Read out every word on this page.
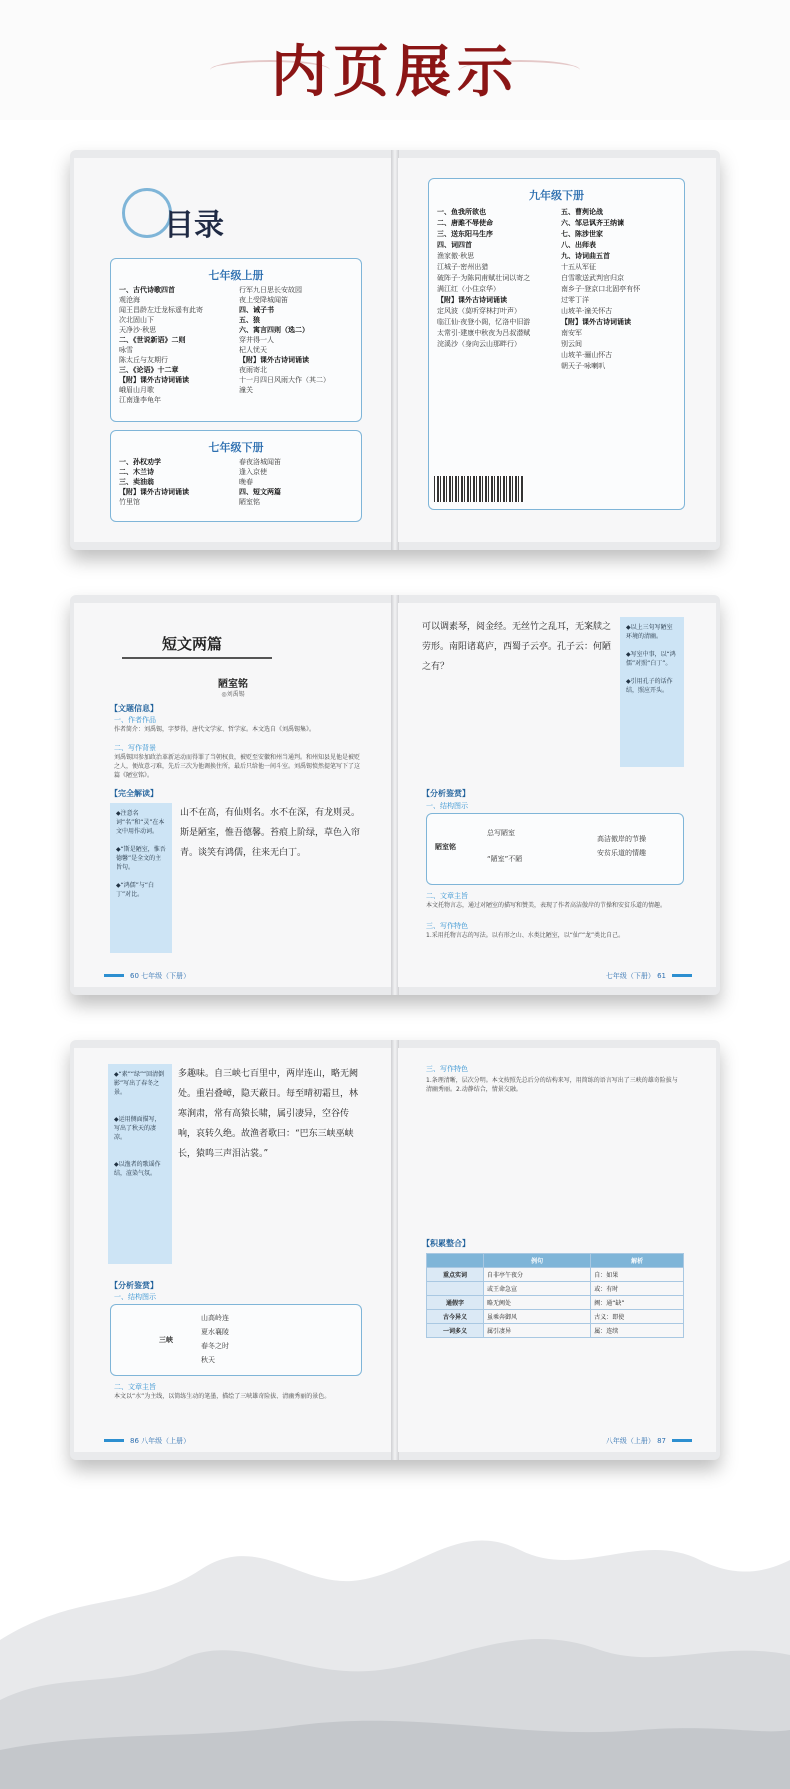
内页展示
目录
七年级上册
一、古代诗歌四首
观沧海
闻王昌龄左迁龙标遥有此寄
次北固山下
天净沙·秋思
二、《世说新语》二则
咏雪
陈太丘与友期行
三、《论语》十二章
【附】课外古诗词诵读
峨眉山月歌
江南逢李龟年
行军九日思长安故园
夜上受降城闻笛
四、诫子书
五、狼
六、寓言四则（选二）
穿井得一人
杞人忧天
【附】课外古诗词诵读
夜雨寄北
十一月四日风雨大作（其二）
潼关
七年级下册
一、孙权劝学
二、木兰诗
三、卖油翁
【附】课外古诗词诵读
竹里馆
春夜洛城闻笛
逢入京使
晚春
四、短文两篇
陋室铭
九年级下册
一、鱼我所欲也
二、唐雎不辱使命
三、送东阳马生序
四、词四首
渔家傲·秋思
江城子·密州出猎
破阵子·为陈同甫赋壮词以寄之
满江红（小住京华）
【附】课外古诗词诵读
定风波（莫听穿林打叶声）
临江仙·夜登小阁，忆洛中旧游
太常引·建康中秋夜为吕叔潜赋
浣溪沙（身向云山那畔行）
五、曹刿论战
六、邹忌讽齐王纳谏
七、陈涉世家
八、出师表
九、诗词曲五首
十五从军征
白雪歌送武判官归京
南乡子·登京口北固亭有怀
过零丁洋
山坡羊·潼关怀古
【附】课外古诗词诵读
南安军
别云间
山坡羊·骊山怀古
朝天子·咏喇叭
短文两篇
陋室铭
◎刘禹锡
【文题信息】
一、作者作品
作者简介：刘禹锡，字梦得，唐代文学家、哲学家。本文选自《刘禹锡集》。
二、写作背景
刘禹锡因参加政治革新运动而得罪了当朝权贵，被贬至安徽和州当通判。和州知县见他是被贬之人，便故意刁难，先后三次为他调换住所，最后只给他一间斗室。刘禹锡愤然提笔写下了这篇《陋室铭》。
【完全解读】
◆注意名词“名”和“灵”在本文中用作动词。

◆“斯是陋室，惟吾德馨”是全文的主旨句。

◆“鸿儒”与“白丁”对比。
山不在高，有仙则名。水不在深，有龙则灵。斯是陋室，惟吾德馨。苔痕上阶绿，草色入帘青。谈笑有鸿儒，往来无白丁。
60 七年级（下册）
可以调素琴，阅金经。无丝竹之乱耳，无案牍之劳形。南阳诸葛庐，西蜀子云亭。孔子云：何陋之有？
◆以上三句写陋室环境的清幽。

◆写室中事，以“鸿儒”对照“白丁”。

◆引用孔子的话作结，照应开头。
【分析鉴赏】
一、结构图示
陋室铭
总写陋室
“陋室”不陋
高洁傲岸的节操
安贫乐道的情趣
二、文章主旨
本文托物言志，通过对陋室的描写和赞美，表现了作者高洁傲岸的节操和安贫乐道的情趣。
三、写作特色
1.采用托物言志的写法。以有形之山、水类比陋室，以“仙”“龙”类比自己。
七年级（下册） 61
◆“素”“绿”“回清倒影”写出了春冬之景。

◆运用侧面描写，写出了秋天的凄凉。

◆以渔者的歌谣作结，渲染气氛。
多趣味。自三峡七百里中，两岸连山，略无阙处。重岩叠嶂，隐天蔽日。每至晴初霜旦，林寒涧肃，常有高猿长啸，属引凄异，空谷传响，哀转久绝。故渔者歌曰：“巴东三峡巫峡长，猿鸣三声泪沾裳。”
【分析鉴赏】
一、结构图示
三峡
山高岭连
夏水襄陵
春冬之时
秋天
二、文章主旨
本文以“水”为主线，以简练生动的笔墨，描绘了三峡雄奇险拔、清幽秀丽的景色。
86 八年级（上册）
三、写作特色
1.条理清晰，层次分明。本文按照先总后分的结构来写，用简练的语言写出了三峡的雄奇险拔与清幽秀丽。2.动静结合，情景交融。
【积累整合】
	例句	解析
重点实词	自非亭午夜分	自：如果
	或王命急宣	或：有时
通假字	略无阙处	阙：通“缺”
古今异义	虽乘奔御风	古义：即使
一词多义	属引凄异	属：连续
八年级（上册） 87
